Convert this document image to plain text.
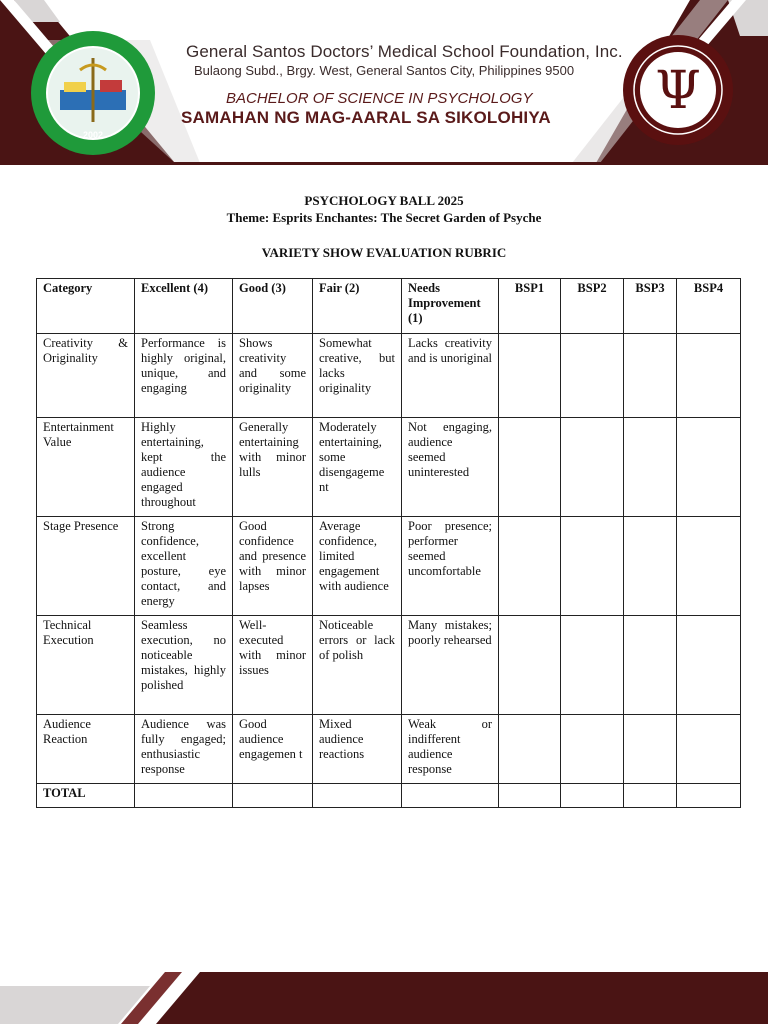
2002
Ψ
General Santos Doctors’ Medical School Foundation, Inc.
Bulaong Subd., Brgy. West, General Santos City, Philippines 9500
BACHELOR OF SCIENCE IN PSYCHOLOGY
SAMAHAN NG MAG-AARAL SA SIKOLOHIYA
PSYCHOLOGY BALL 2025
Theme: Esprits Enchantes: The Secret Garden of Psyche
VARIETY SHOW EVALUATION RUBRIC
Category	Excellent (4)	Good (3)	Fair (2)	Needs Improvement (1)	BSP1	BSP2	BSP3	BSP4
Creativity & Originality	Performance is highly original, unique, and engaging	Shows creativity and some originality	Somewhat creative, but lacks originality	Lacks creativity and is unoriginal				
Entertainment Value	Highly entertaining, kept the audience engaged throughout	Generally entertaining with minor lulls	Moderately entertaining, some disengageme nt	Not engaging, audience seemed uninterested				
Stage Presence	Strong confidence, excellent posture, eye contact, and energy	Good confidence and presence with minor lapses	Average confidence, limited engagement with audience	Poor presence; performer seemed uncomfortable				
Technical Execution	Seamless execution, no noticeable mistakes, highly polished	Well-executed with minor issues	Noticeable errors or lack of polish	Many mistakes; poorly rehearsed				
Audience Reaction	Audience was fully engaged; enthusiastic response	Good audience engagemen t	Mixed audience reactions	Weak or indifferent audience response				
TOTAL								
